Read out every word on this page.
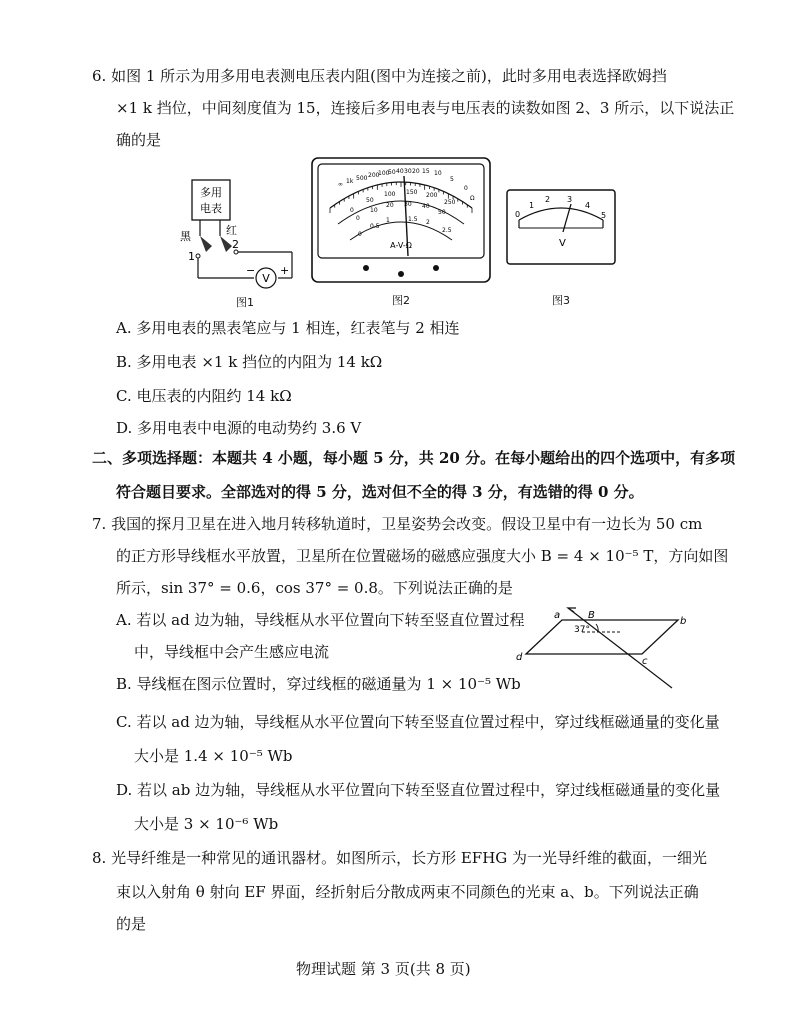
6. 如图 1 所示为用多用电表测电压表内阻(图中为连接之前)，此时多用电表选择欧姆挡
×1 k 挡位，中间刻度值为 15，连接后多用电表与电压表的读数如图 2、3 所示，以下说法正
确的是
多用
电表
黑	红
1
2
V
− +
图1
∞ 1k 500 200
100
50 40 30 20 15 10
5
0
Ω
0
50
100 150 200
250
0
10
20 30 40
50
0
0.5
1	1.5 2
2.5
A-V-Ω
图2
0
1
2 3
4
5
V
图3
A. 多用电表的黑表笔应与 1 相连，红表笔与 2 相连
B. 多用电表 ×1 k 挡位的内阻为 14 kΩ
C. 电压表的内阻约 14 kΩ
D. 多用电表中电源的电动势约 3.6 V
二、多项选择题：本题共 4 小题，每小题 5 分，共 20 分。在每小题给出的四个选项中，有多项
符合题目要求。全部选对的得 5 分，选对但不全的得 3 分，有选错的得 0 分。
7. 我国的探月卫星在进入地月转移轨道时，卫星姿势会改变。假设卫星中有一边长为 50 cm
的正方形导线框水平放置，卫星所在位置磁场的磁感应强度大小 B = 4 × 10⁻⁵ T，方向如图
所示，sin 37° = 0.6，cos 37° = 0.8。下列说法正确的是
A. 若以 ad 边为轴，导线框从水平位置向下转至竖直位置过程
中，导线框中会产生感应电流
B. 导线框在图示位置时，穿过线框的磁通量为 1 × 10⁻⁵ Wb
a
b
c
d
B
37°
C. 若以 ad 边为轴，导线框从水平位置向下转至竖直位置过程中，穿过线框磁通量的变化量
大小是 1.4 × 10⁻⁵ Wb
D. 若以 ab 边为轴，导线框从水平位置向下转至竖直位置过程中，穿过线框磁通量的变化量
大小是 3 × 10⁻⁶ Wb
8. 光导纤维是一种常见的通讯器材。如图所示，长方形 EFHG 为一光导纤维的截面，一细光
束以入射角 θ 射向 EF 界面，经折射后分散成两束不同颜色的光束 a、b。下列说法正确
的是
物理试题 第 3 页(共 8 页)
